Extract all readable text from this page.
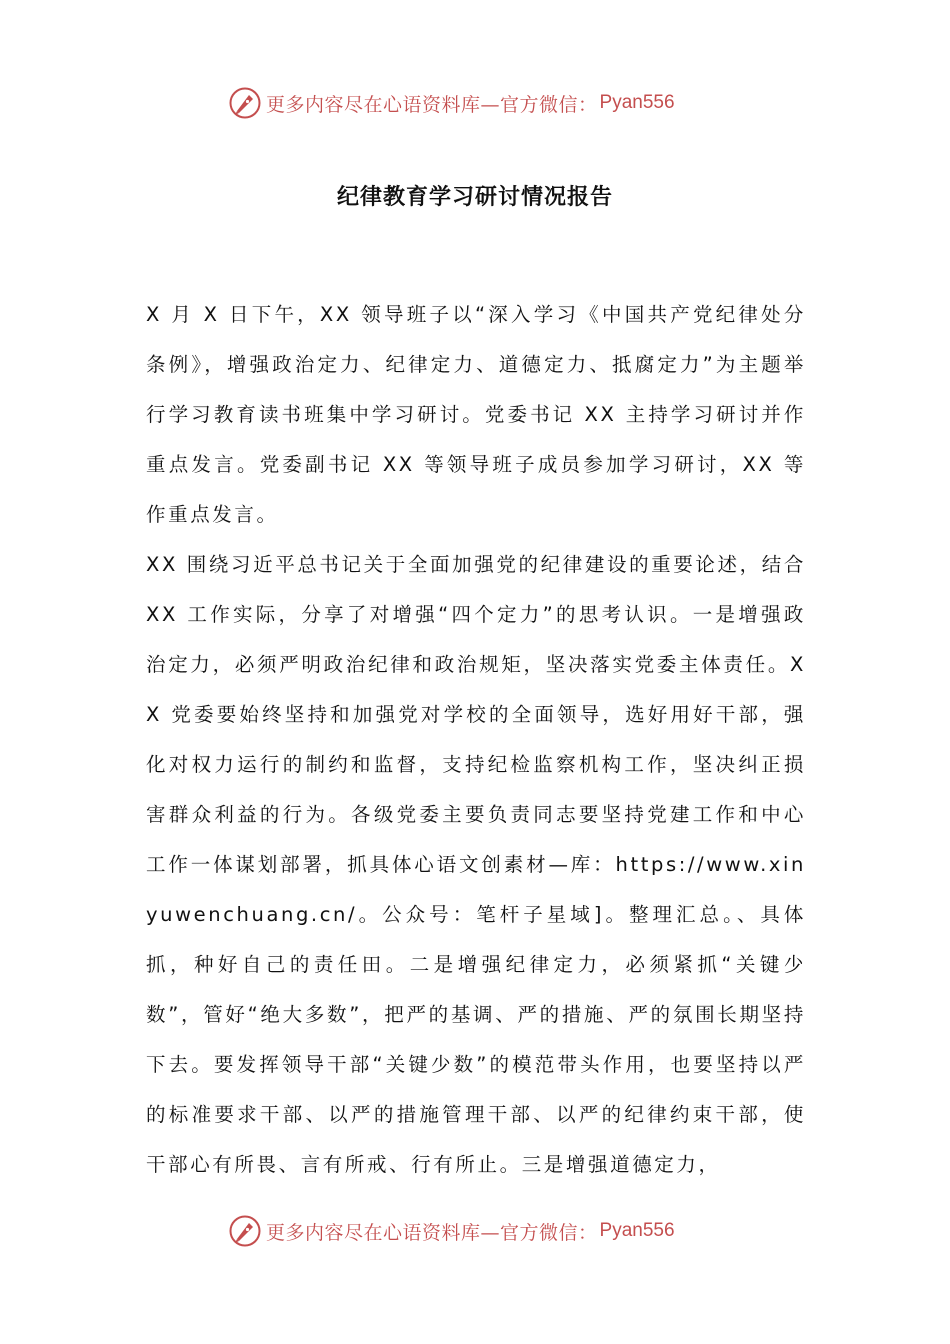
更多内容尽在心语资料库—官方微信： Pyan556
纪律教育学习研讨情况报告

X 月 X 日下午，XX 领导班子以“深入学习《中国共产党纪律处分条例》，增强政治定力、纪律定力、道德定力、抵腐定力”为主题举行学习教育读书班集中学习研讨。党委书记 XX 主持学习研讨并作重点发言。党委副书记 XX 等领导班子成员参加学习研讨，XX 等作重点发言。

XX 围绕习近平总书记关于全面加强党的纪律建设的重要论述，结合 XX 工作实际，分享了对增强“四个定力”的思考认识。一是增强政治定力，必须严明政治纪律和政治规矩，坚决落实党委主体责任。XX 党委要始终坚持和加强党对学校的全面领导，选好用好干部，强化对权力运行的制约和监督，支持纪检监察机构工作，坚决纠正损害群众利益的行为。各级党委主要负责同志要坚持党建工作和中心工作一体谋划部署，抓具体心语文创素材—库：https://www.xinyuwenchuang.cn/。公众号：笔杆子星域]。整理汇总。、具体抓，种好自己的责任田。二是增强纪律定力，必须紧抓“关键少数”，管好“绝大多数”，把严的基调、严的措施、严的氛围长期坚持下去。要发挥领导干部“关键少数”的模范带头作用，也要坚持以严的标准要求干部、以严的措施管理干部、以严的纪律约束干部，使干部心有所畏、言有所戒、行有所止。三是增强道德定力，

更多内容尽在心语资料库—官方微信： Pyan556
